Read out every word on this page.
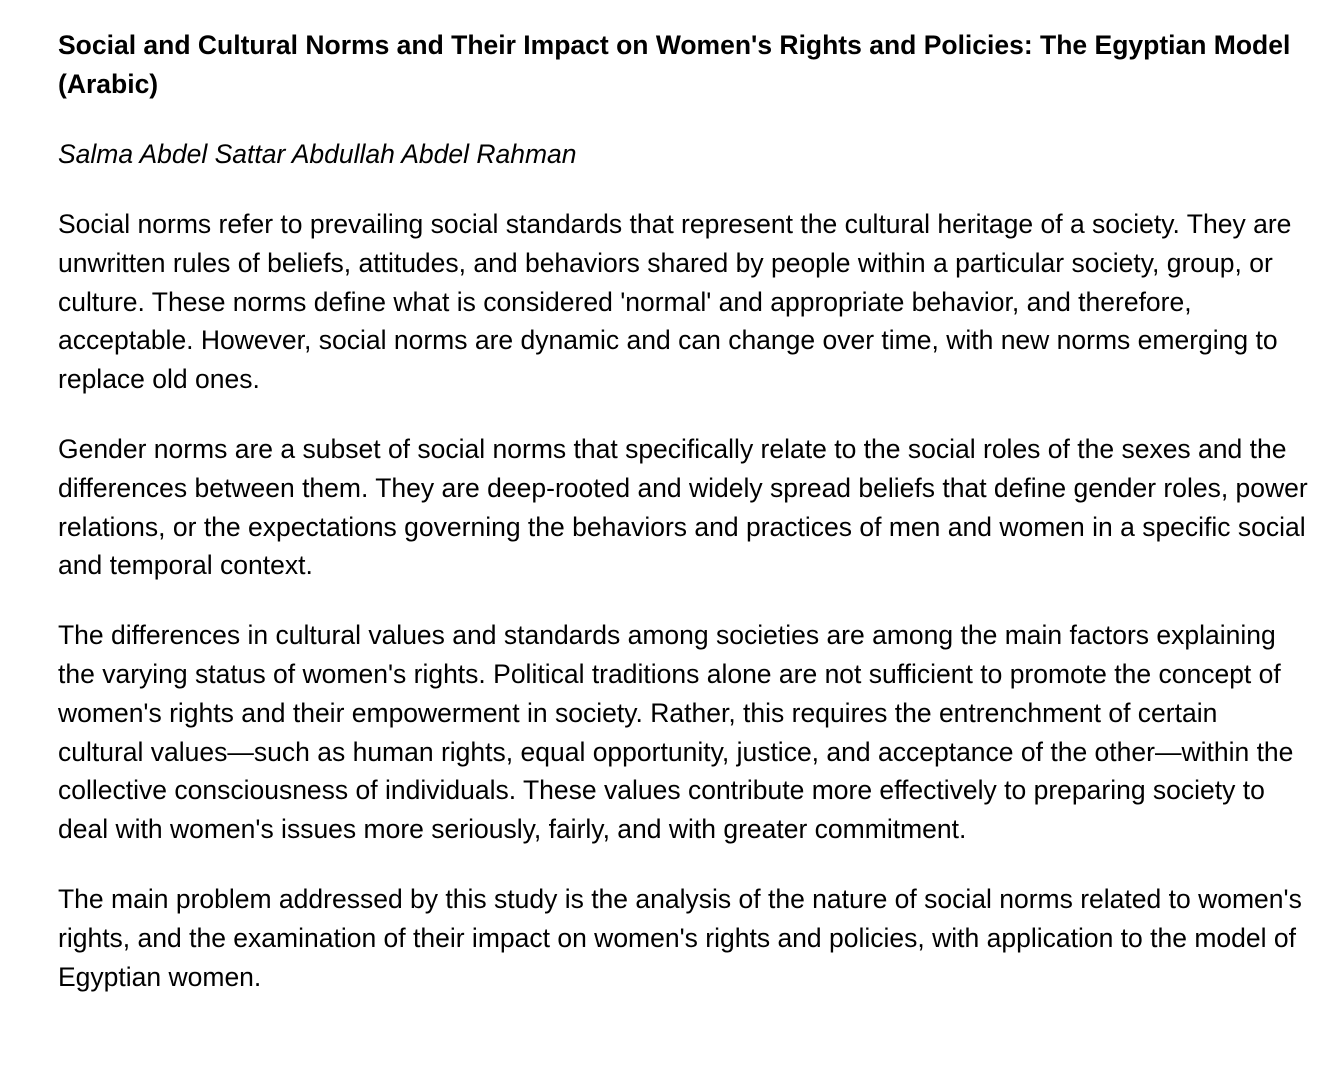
Social and Cultural Norms and Their Impact on Women's Rights and Policies: The Egyptian Model (Arabic)

Salma Abdel Sattar Abdullah Abdel Rahman

Social norms refer to prevailing social standards that represent the cultural heritage of a society. They are unwritten rules of beliefs, attitudes, and behaviors shared by people within a particular society, group, or culture. These norms define what is considered 'normal' and appropriate behavior, and therefore, acceptable. However, social norms are dynamic and can change over time, with new norms emerging to replace old ones.

Gender norms are a subset of social norms that specifically relate to the social roles of the sexes and the differences between them. They are deep-rooted and widely spread beliefs that define gender roles, power relations, or the expectations governing the behaviors and practices of men and women in a specific social and temporal context.

The differences in cultural values and standards among societies are among the main factors explaining the varying status of women's rights. Political traditions alone are not sufficient to promote the concept of women's rights and their empowerment in society. Rather, this requires the entrenchment of certain cultural values—such as human rights, equal opportunity, justice, and acceptance of the other—within the collective consciousness of individuals. These values contribute more effectively to preparing society to deal with women's issues more seriously, fairly, and with greater commitment.

The main problem addressed by this study is the analysis of the nature of social norms related to women's rights, and the examination of their impact on women's rights and policies, with application to the model of Egyptian women.
